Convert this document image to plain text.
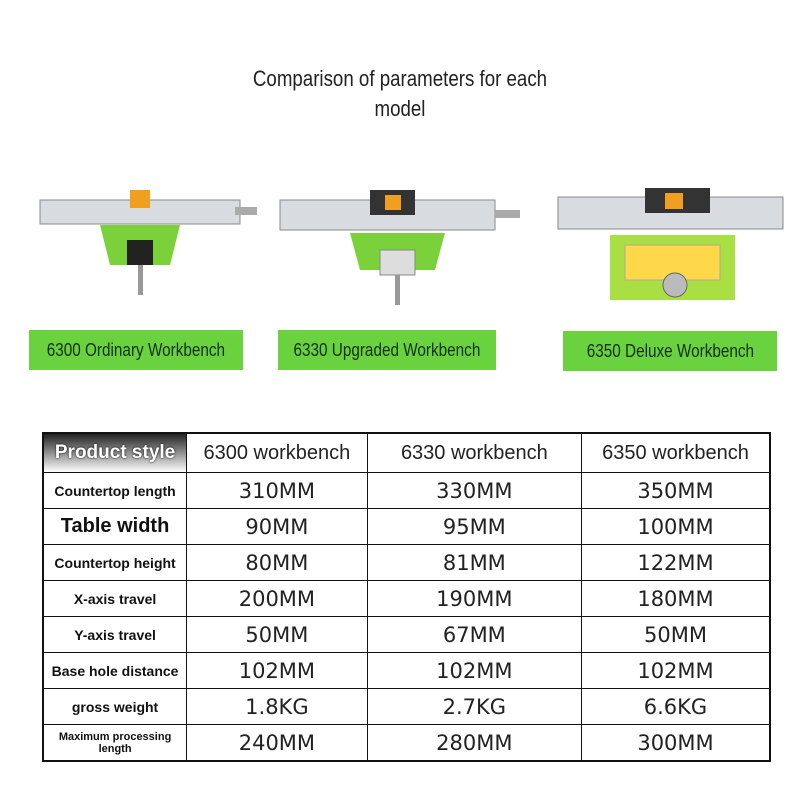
Comparison of parameters for each
model
6300 Ordinary Workbench	6330 Upgraded Workbench	6350 Deluxe Workbench
Product style	6300 workbench	6330 workbench	6350 workbench
Countertop length	310MM	330MM	350MM
Table width	90MM	95MM	100MM
Countertop height	80MM	81MM	122MM
X-axis travel	200MM	190MM	180MM
Y-axis travel	50MM	67MM	50MM
Base hole distance	102MM	102MM	102MM
gross weight	1.8KG	2.7KG	6.6KG
Maximum processing length	240MM	280MM	300MM
